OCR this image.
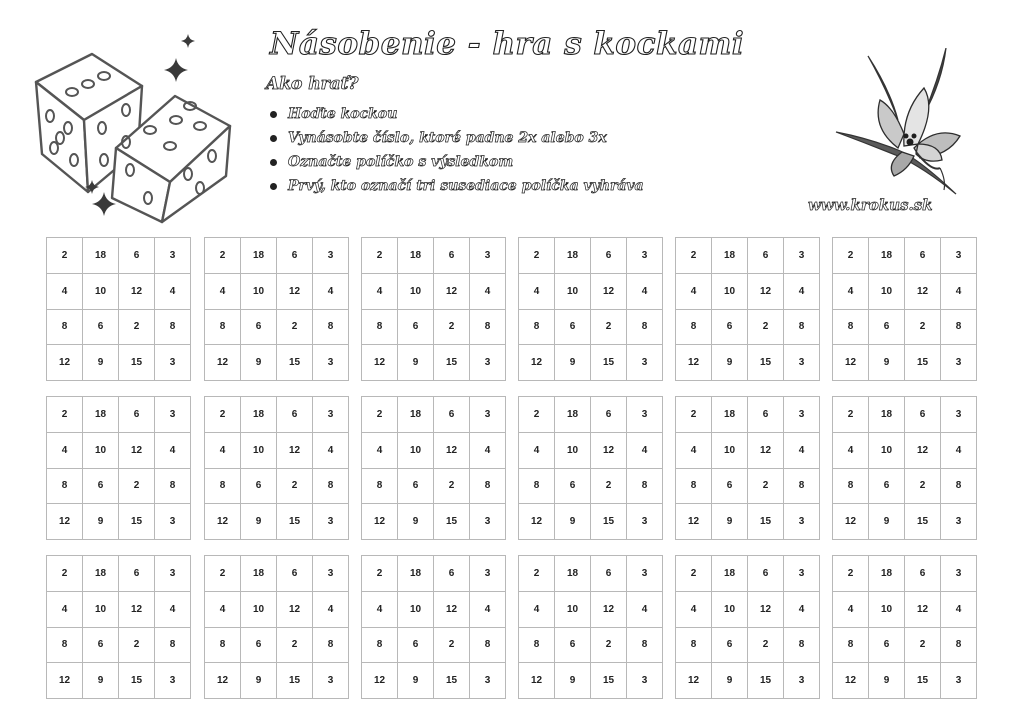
Násobenie - hra s kockami
Ako hrať?
Hoďte kockou
Vynásobte číslo, ktoré padne 2x alebo 3x
Označte políčko s výsledkom
Prvý, kto označí tri susediace políčka vyhráva
www.krokus.sk
2	18	6	3
4	10	12	4
8	6	2	8
12	9	15	3
2	18	6	3
4	10	12	4
8	6	2	8
12	9	15	3
2	18	6	3
4	10	12	4
8	6	2	8
12	9	15	3
2	18	6	3
4	10	12	4
8	6	2	8
12	9	15	3
2	18	6	3
4	10	12	4
8	6	2	8
12	9	15	3
2	18	6	3
4	10	12	4
8	6	2	8
12	9	15	3
2	18	6	3
4	10	12	4
8	6	2	8
12	9	15	3
2	18	6	3
4	10	12	4
8	6	2	8
12	9	15	3
2	18	6	3
4	10	12	4
8	6	2	8
12	9	15	3
2	18	6	3
4	10	12	4
8	6	2	8
12	9	15	3
2	18	6	3
4	10	12	4
8	6	2	8
12	9	15	3
2	18	6	3
4	10	12	4
8	6	2	8
12	9	15	3
2	18	6	3
4	10	12	4
8	6	2	8
12	9	15	3
2	18	6	3
4	10	12	4
8	6	2	8
12	9	15	3
2	18	6	3
4	10	12	4
8	6	2	8
12	9	15	3
2	18	6	3
4	10	12	4
8	6	2	8
12	9	15	3
2	18	6	3
4	10	12	4
8	6	2	8
12	9	15	3
2	18	6	3
4	10	12	4
8	6	2	8
12	9	15	3
